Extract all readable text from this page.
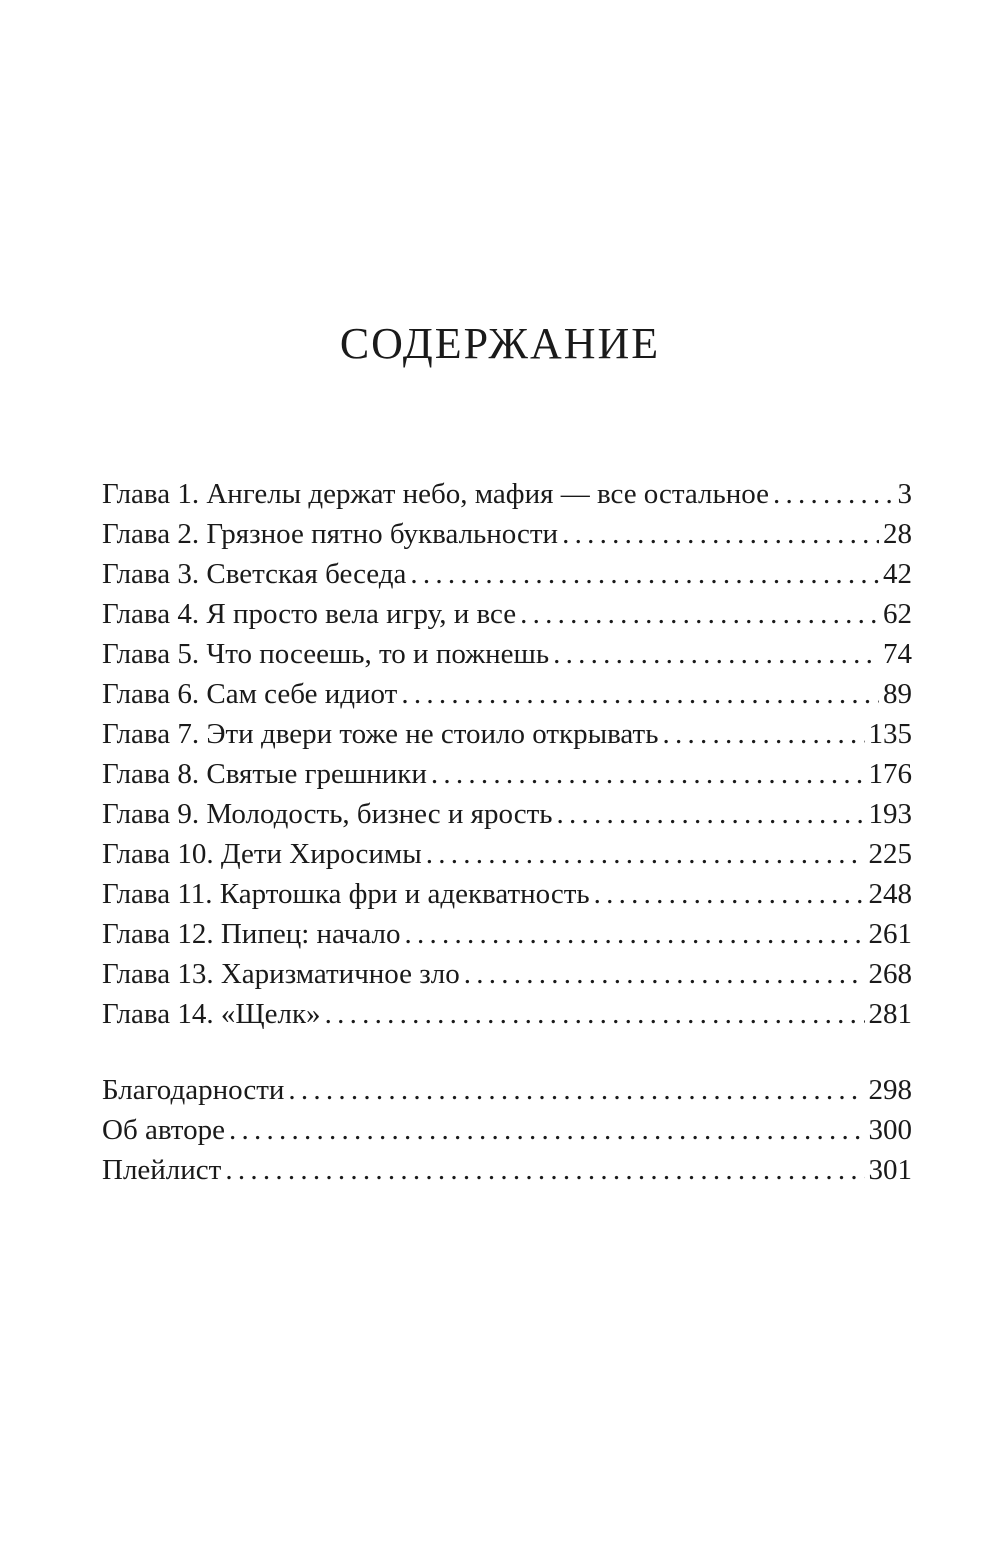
СОДЕРЖАНИЕ
Глава 1. Ангелы держат небо, мафия — все остальное . . .	3
Глава 2. Грязное пятно буквальности . . .	28
Глава 3. Светская беседа . . .	42
Глава 4. Я просто вела игру, и все . . .	62
Глава 5. Что посеешь, то и пожнешь . . .	74
Глава 6. Сам себе идиот . . .	89
Глава 7. Эти двери тоже не стоило открывать . . .	135
Глава 8. Святые грешники . . .	176
Глава 9. Молодость, бизнес и ярость . . .	193
Глава 10. Дети Хиросимы . . .	225
Глава 11. Картошка фри и адекватность . . .	248
Глава 12. Пипец: начало . . .	261
Глава 13. Харизматичное зло . . .	268
Глава 14. «Щелк» . . .	281
Благодарности . . .	298
Об авторе . . .	300
Плейлист . . .	301
